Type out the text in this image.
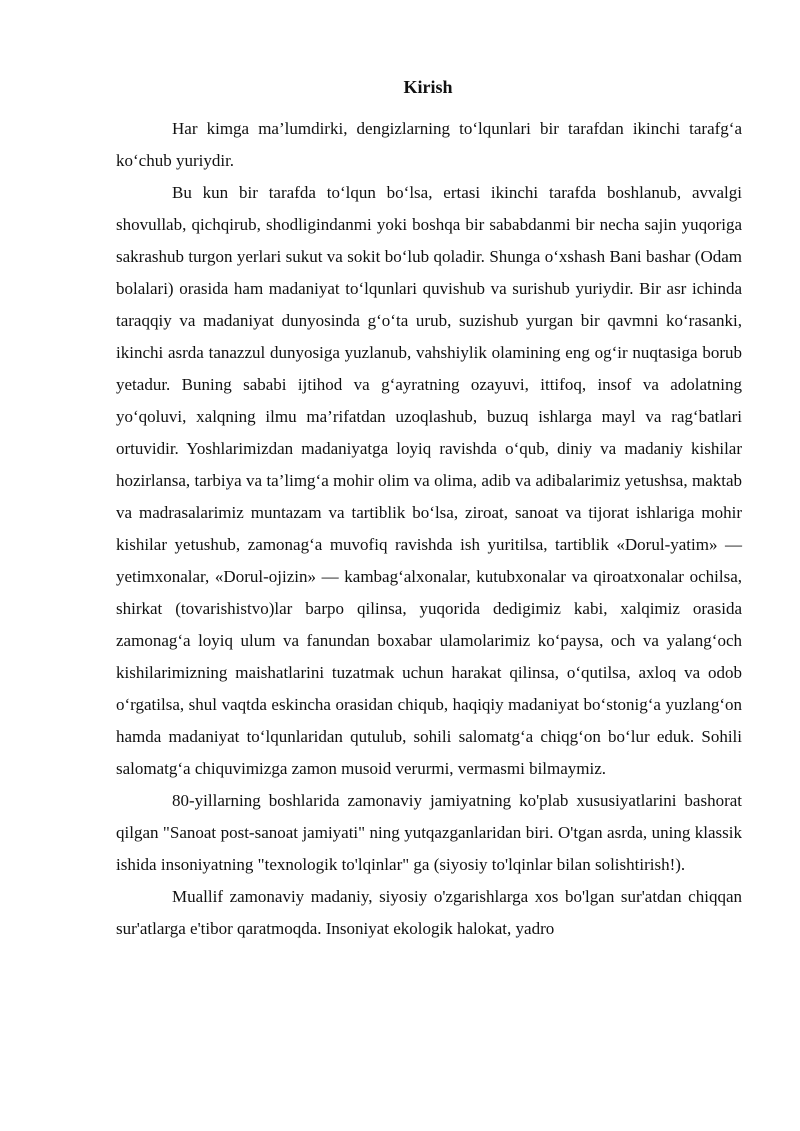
Kirish

Har kimga ma’lumdirki, dengizlarning to‘lqunlari bir tarafdan ikinchi tarafg‘a ko‘chub yuriydir.

Bu kun bir tarafda to‘lqun bo‘lsa, ertasi ikinchi tarafda boshlanub, avvalgi shovullab, qichqirub, shodligindanmi yoki boshqa bir sababdanmi bir necha sajin yuqoriga sakrashub turgon yerlari sukut va sokit bo‘lub qoladir. Shunga o‘xshash Bani bashar (Odam bolalari) orasida ham madaniyat to‘lqunlari quvishub va surishub yuriydir. Bir asr ichinda taraqqiy va madaniyat dunyosinda g‘o‘ta urub, suzishub yurgan bir qavmni ko‘rasanki, ikinchi asrda tanazzul dunyosiga yuzlanub, vahshiylik olamining eng og‘ir nuqtasiga borub yetadur. Buning sababi ijtihod va g‘ayratning ozayuvi, ittifoq, insof va adolatning yo‘qoluvi, xalqning ilmu ma’rifatdan uzoqlashub, buzuq ishlarga mayl va rag‘batlari ortuvidir. Yoshlarimizdan madaniyatga loyiq ravishda o‘qub, diniy va madaniy kishilar hozirlansa, tarbiya va ta’limg‘a mohir olim va olima, adib va adibalarimiz yetushsa, maktab va madrasalarimiz muntazam va tartiblik bo‘lsa, ziroat, sanoat va tijorat ishlariga mohir kishilar yetushub, zamonag‘a muvofiq ravishda ish yuritilsa, tartiblik «Dorul-yatim» — yetimxonalar, «Dorul-ojizin» — kambag‘alxonalar, kutubxonalar va qiroatxonalar ochilsa, shirkat (tovarishistvo)lar barpo qilinsa, yuqorida dedigimiz kabi, xalqimiz orasida zamonag‘a loyiq ulum va fanundan boxabar ulamolarimiz ko‘paysa, och va yalang‘och kishilarimizning maishatlarini tuzatmak uchun harakat qilinsa, o‘qutilsa, axloq va odob o‘rgatilsa, shul vaqtda eskincha orasidan chiqub, haqiqiy madaniyat bo‘stonig‘a yuzlang‘on hamda madaniyat to‘lqunlaridan qutulub, sohili salomatg‘a chiqg‘on bo‘lur eduk. Sohili salomatg‘a chiquvimizga zamon musoid verurmi, vermasmi bilmaymiz.

80-yillarning boshlarida zamonaviy jamiyatning ko'plab xususiyatlarini bashorat qilgan "Sanoat post-sanoat jamiyati" ning yutqazganlaridan biri. O'tgan asrda, uning klassik ishida insoniyatning "texnologik to'lqinlar" ga (siyosiy to'lqinlar bilan solishtirish!).

Muallif zamonaviy madaniy, siyosiy o'zgarishlarga xos bo'lgan sur'atdan chiqqan sur'atlarga e'tibor qaratmoqda. Insoniyat ekologik halokat, yadro
